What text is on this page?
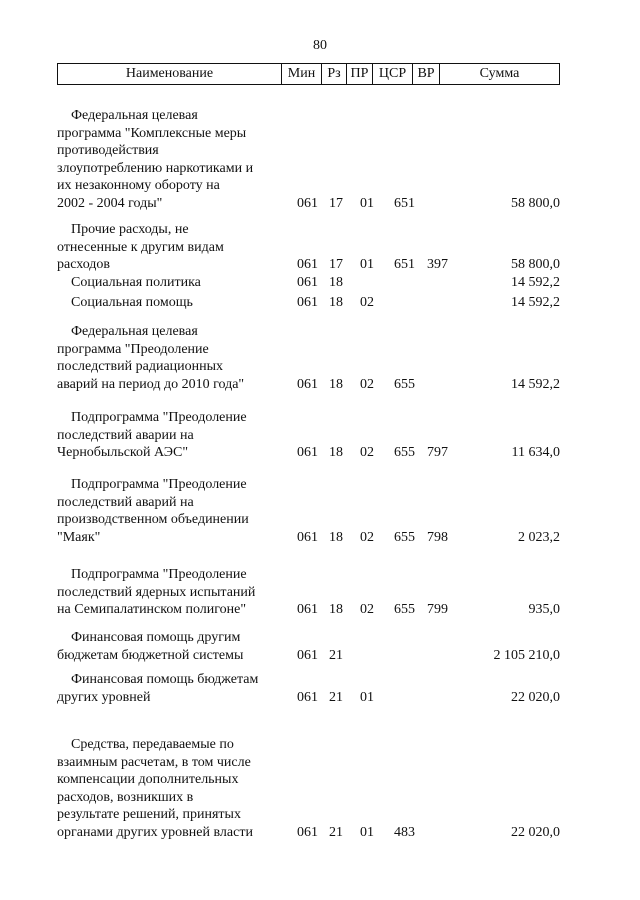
80
Наименование	Мин Рз ПР ЦСР ВР	Сумма
Федеральная целевая
программа "Комплексные меры
противодействия
злоупотреблению наркотиками и
их незаконному обороту на
2002 - 2004 годы"	061 17 01 651	58 800,0
Прочие расходы, не
отнесенные к другим видам
расходов	061 17 01 651 397	58 800,0
Социальная политика	061 18	14 592,2
Социальная помощь	061 18 02	14 592,2
Федеральная целевая
программа "Преодоление
последствий радиационных
аварий на период до 2010 года"	061 18 02 655	14 592,2
Подпрограмма "Преодоление
последствий аварии на
Чернобыльской АЭС"	061 18 02 655 797	11 634,0
Подпрограмма "Преодоление
последствий аварий на
производственном объединении
"Маяк"	061 18 02 655 798	2 023,2
Подпрограмма "Преодоление
последствий ядерных испытаний
на Семипалатинском полигоне"	061 18 02 655 799	935,0
Финансовая помощь другим
бюджетам бюджетной системы	061 21	2 105 210,0
Финансовая помощь бюджетам
других уровней	061 21 01	22 020,0
Средства, передаваемые по
взаимным расчетам, в том числе
компенсации дополнительных
расходов, возникших в
результате решений, принятых
органами других уровней власти	061 21 01 483	22 020,0
